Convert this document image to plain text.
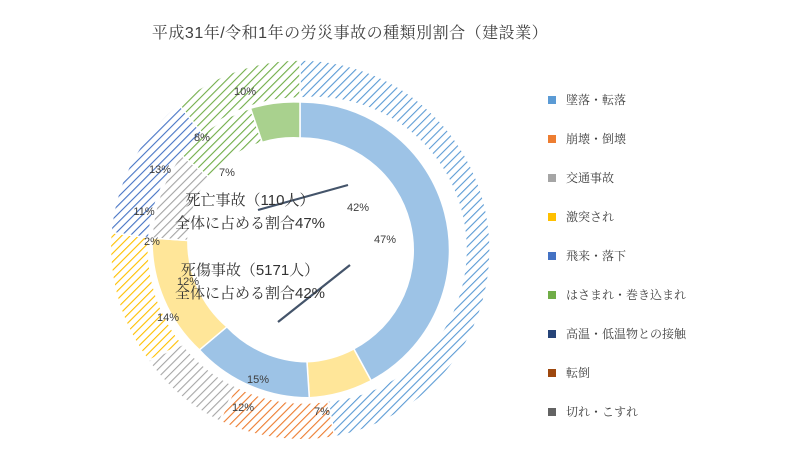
平成31年/令和1年の労災事故の種類別割合（建設業）
47%
10%
8%
13%
11%
2%
42%
7%
12%
15%
12%
14%
7%
死亡事故（110人）
全体に占める割合47%
死傷事故（5171人）
全体に占める割合42%
墜落・転落
崩壊・倒壊
交通事故
激突され
飛来・落下
はさまれ・巻き込まれ
高温・低温物との接触
転倒
切れ・こすれ
